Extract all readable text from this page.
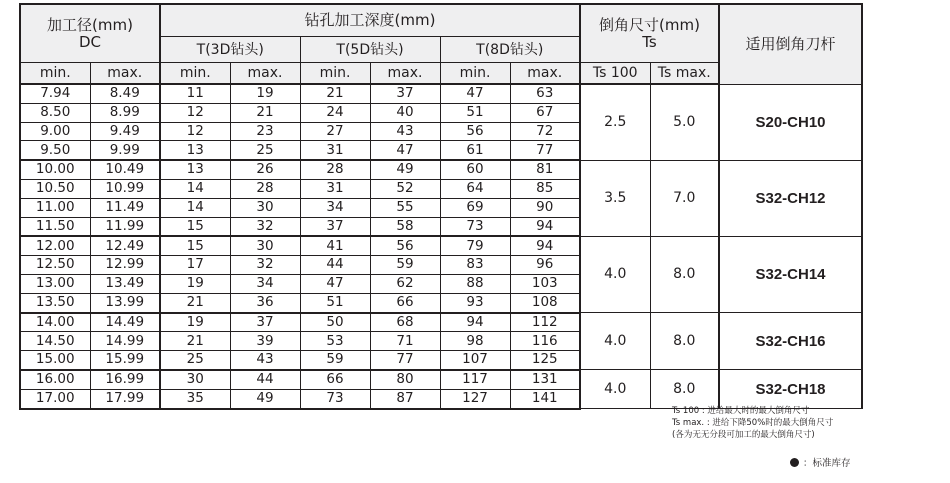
加工径(mm)
DC		钻孔加工深度(mm)						倒角尺寸(mm)
Ts		适用倒角刀杆
		T(3D钻头)		T(5D钻头)		T(8D钻头)				
min.	max.	min.	max.	min.	max.	min.	max.	Ts 100	Ts max.	
7.94	8.49	11	19	21	37	47	63	2.5	5.0	S20-CH10
8.50	8.99	12	21	24	40	51	67			
9.00	9.49	12	23	27	43	56	72			
9.50	9.99	13	25	31	47	61	77			
10.00	10.49	13	26	28	49	60	81	3.5	7.0	S32-CH12
10.50	10.99	14	28	31	52	64	85			
11.00	11.49	14	30	34	55	69	90			
11.50	11.99	15	32	37	58	73	94			
12.00	12.49	15	30	41	56	79	94	4.0	8.0	S32-CH14
12.50	12.99	17	32	44	59	83	96			
13.00	13.49	19	34	47	62	88	103			
13.50	13.99	21	36	51	66	93	108			
14.00	14.49	19	37	50	68	94	112	4.0	8.0	S32-CH16
14.50	14.99	21	39	53	71	98	116			
15.00	15.99	25	43	59	77	107	125			
16.00	16.99	30	44	66	80	117	131	4.0	8.0	S32-CH18
17.00	17.99	35	49	73	87	127	141			
Ts 100 : 进给最大时的最大倒角尺寸
Ts max. : 进给下降50%时的最大倒角尺寸
(各为无无分段可加工的最大倒角尺寸)
：标准库存
